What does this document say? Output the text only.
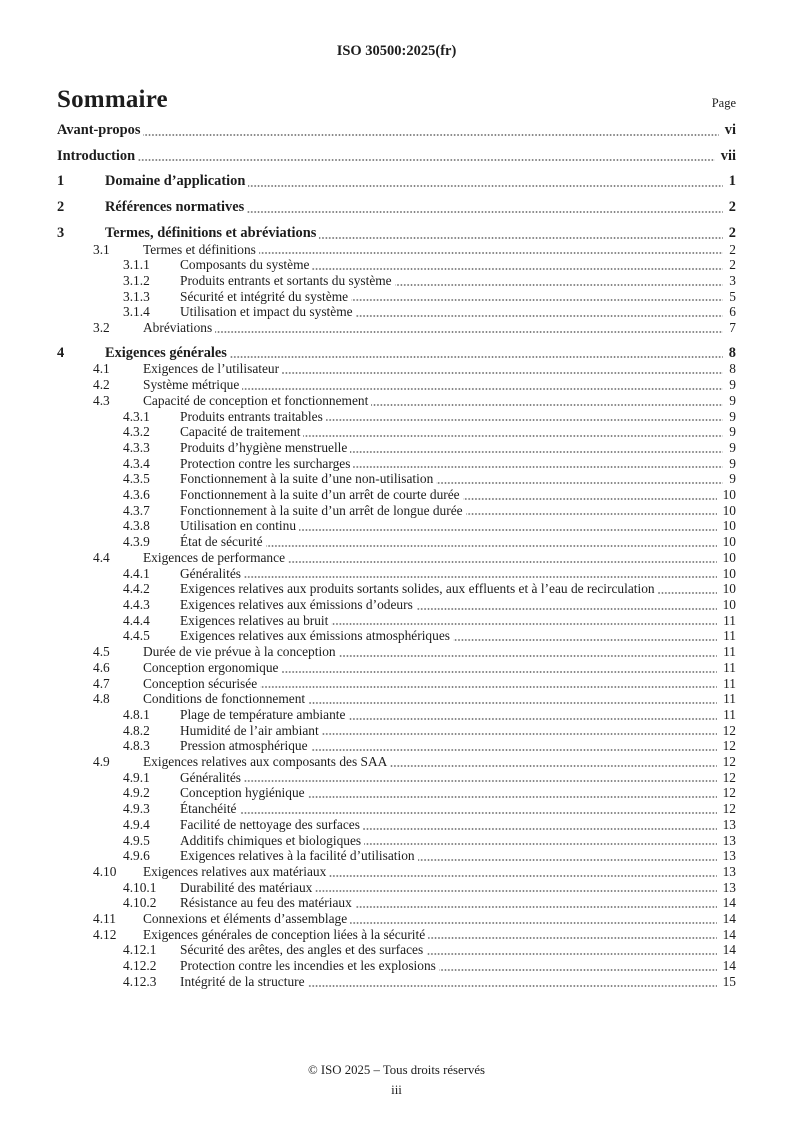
ISO 30500:2025(fr)
Sommaire	Page
Avant-propos	vi
Introduction	vii
1	Domaine d’application	1
2	Références normatives	2
3	Termes, définitions et abréviations	2
3.1	Termes et définitions	2
3.1.1	Composants du système	2
3.1.2	Produits entrants et sortants du système	3
3.1.3	Sécurité et intégrité du système	5
3.1.4	Utilisation et impact du système	6
3.2	Abréviations	7
4	Exigences générales	8
4.1	Exigences de l’utilisateur	8
4.2	Système métrique	9
4.3	Capacité de conception et fonctionnement	9
4.3.1	Produits entrants traitables	9
4.3.2	Capacité de traitement	9
4.3.3	Produits d’hygiène menstruelle	9
4.3.4	Protection contre les surcharges	9
4.3.5	Fonctionnement à la suite d’une non-utilisation	9
4.3.6	Fonctionnement à la suite d’un arrêt de courte durée	10
4.3.7	Fonctionnement à la suite d’un arrêt de longue durée	10
4.3.8	Utilisation en continu	10
4.3.9	État de sécurité	10
4.4	Exigences de performance	10
4.4.1	Généralités	10
4.4.2	Exigences relatives aux produits sortants solides, aux effluents et à l’eau de recirculation	10
4.4.3	Exigences relatives aux émissions d’odeurs	10
4.4.4	Exigences relatives au bruit	11
4.4.5	Exigences relatives aux émissions atmosphériques	11
4.5	Durée de vie prévue à la conception	11
4.6	Conception ergonomique	11
4.7	Conception sécurisée	11
4.8	Conditions de fonctionnement	11
4.8.1	Plage de température ambiante	11
4.8.2	Humidité de l’air ambiant	12
4.8.3	Pression atmosphérique	12
4.9	Exigences relatives aux composants des SAA	12
4.9.1	Généralités	12
4.9.2	Conception hygiénique	12
4.9.3	Étanchéité	12
4.9.4	Facilité de nettoyage des surfaces	13
4.9.5	Additifs chimiques et biologiques	13
4.9.6	Exigences relatives à la facilité d’utilisation	13
4.10	Exigences relatives aux matériaux	13
4.10.1	Durabilité des matériaux	13
4.10.2	Résistance au feu des matériaux	14
4.11	Connexions et éléments d’assemblage	14
4.12	Exigences générales de conception liées à la sécurité	14
4.12.1	Sécurité des arêtes, des angles et des surfaces	14
4.12.2	Protection contre les incendies et les explosions	14
4.12.3	Intégrité de la structure	15
© ISO 2025 – Tous droits réservés
iii
